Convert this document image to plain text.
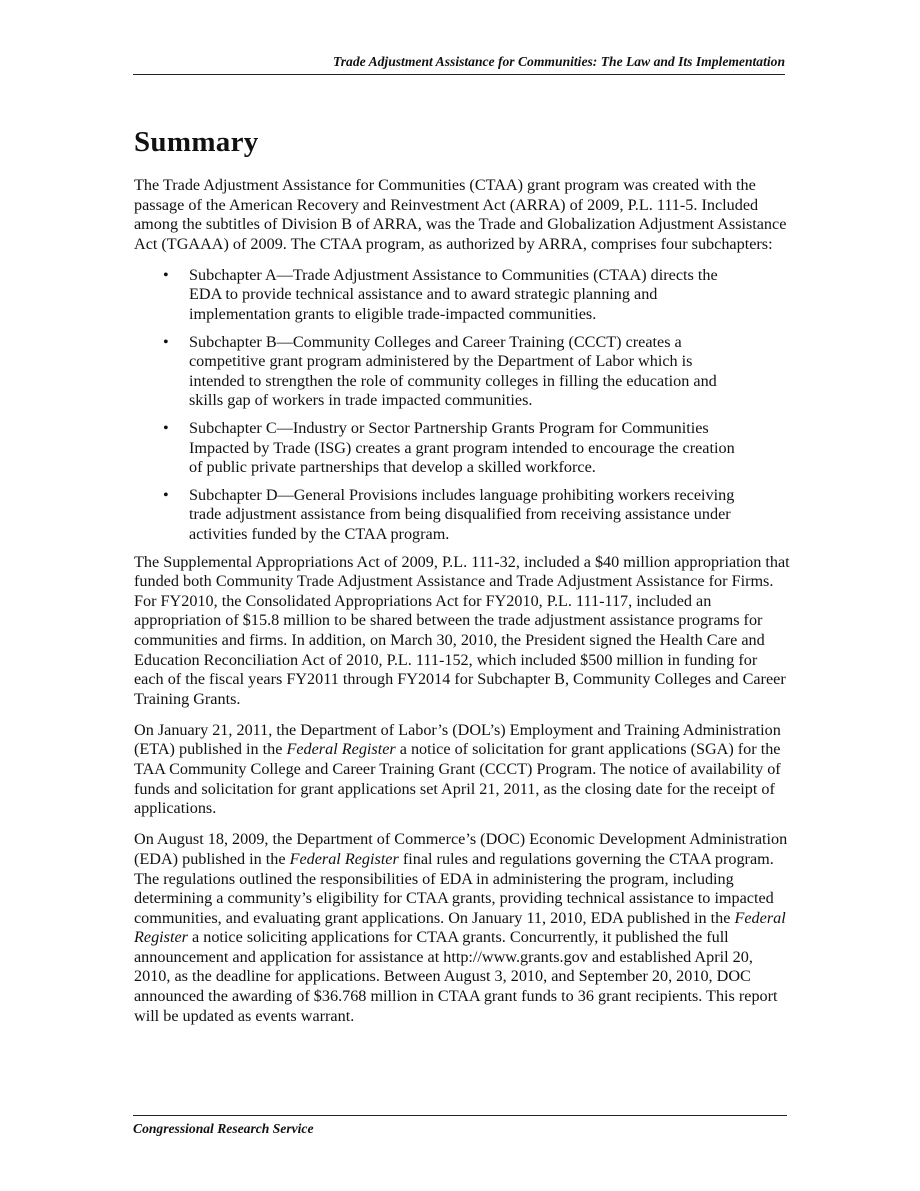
Trade Adjustment Assistance for Communities: The Law and Its Implementation
Summary

The Trade Adjustment Assistance for Communities (CTAA) grant program was created with the passage of the American Recovery and Reinvestment Act (ARRA) of 2009, P.L. 111-5. Included among the subtitles of Division B of ARRA, was the Trade and Globalization Adjustment Assistance Act (TGAAA) of 2009. The CTAA program, as authorized by ARRA, comprises four subchapters:

• Subchapter A—Trade Adjustment Assistance to Communities (CTAA) directs the EDA to provide technical assistance and to award strategic planning and implementation grants to eligible trade-impacted communities.
• Subchapter B—Community Colleges and Career Training (CCCT) creates a competitive grant program administered by the Department of Labor which is intended to strengthen the role of community colleges in filling the education and skills gap of workers in trade impacted communities.
• Subchapter C—Industry or Sector Partnership Grants Program for Communities Impacted by Trade (ISG) creates a grant program intended to encourage the creation of public private partnerships that develop a skilled workforce.
• Subchapter D—General Provisions includes language prohibiting workers receiving trade adjustment assistance from being disqualified from receiving assistance under activities funded by the CTAA program.

The Supplemental Appropriations Act of 2009, P.L. 111-32, included a $40 million appropriation that funded both Community Trade Adjustment Assistance and Trade Adjustment Assistance for Firms. For FY2010, the Consolidated Appropriations Act for FY2010, P.L. 111-117, included an appropriation of $15.8 million to be shared between the trade adjustment assistance programs for communities and firms. In addition, on March 30, 2010, the President signed the Health Care and Education Reconciliation Act of 2010, P.L. 111-152, which included $500 million in funding for each of the fiscal years FY2011 through FY2014 for Subchapter B, Community Colleges and Career Training Grants.

On January 21, 2011, the Department of Labor’s (DOL’s) Employment and Training Administration (ETA) published in the Federal Register a notice of solicitation for grant applications (SGA) for the TAA Community College and Career Training Grant (CCCT) Program. The notice of availability of funds and solicitation for grant applications set April 21, 2011, as the closing date for the receipt of applications.

On August 18, 2009, the Department of Commerce’s (DOC) Economic Development Administration (EDA) published in the Federal Register final rules and regulations governing the CTAA program. The regulations outlined the responsibilities of EDA in administering the program, including determining a community’s eligibility for CTAA grants, providing technical assistance to impacted communities, and evaluating grant applications. On January 11, 2010, EDA published in the Federal Register a notice soliciting applications for CTAA grants. Concurrently, it published the full announcement and application for assistance at http://www.grants.gov and established April 20, 2010, as the deadline for applications. Between August 3, 2010, and September 20, 2010, DOC announced the awarding of $36.768 million in CTAA grant funds to 36 grant recipients. This report will be updated as events warrant.

Congressional Research Service
